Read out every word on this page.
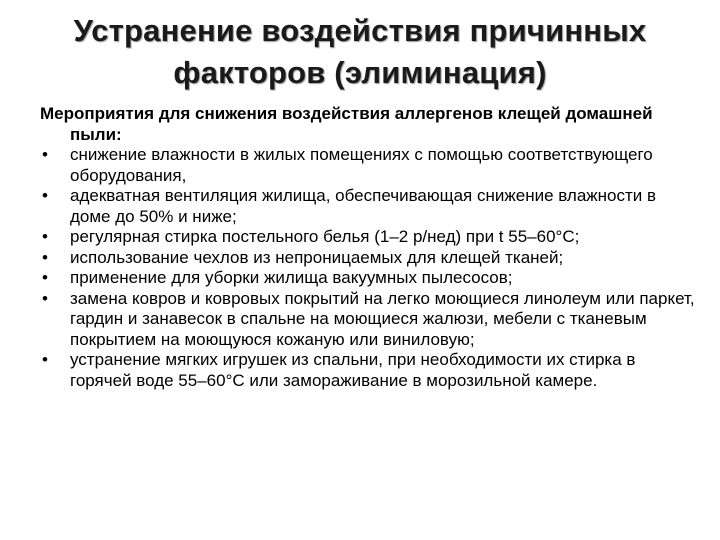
Устранение воздействия причинных
факторов (элиминация)

Мероприятия для снижения воздействия аллергенов клещей домашней пыли:

• снижение влажности в жилых помещениях с помощью соответствующего оборудования,
• адекватная вентиляция жилища, обеспечивающая снижение влажности в доме до 50% и ниже;
• регулярная стирка постельного белья (1–2 р/нед) при t 55–60°С;
• использование чехлов из непроницаемых для клещей тканей;
• применение для уборки жилища вакуумных пылесосов;
• замена ковров и ковровых покрытий на легко моющиеся линолеум или паркет, гардин и занавесок в спальне на моющиеся жалюзи, мебели с тканевым покрытием на моющуюся кожаную или виниловую;
• устранение мягких игрушек из спальни, при необходимости их стирка в горячей воде 55–60°С или замораживание в морозильной камере.
